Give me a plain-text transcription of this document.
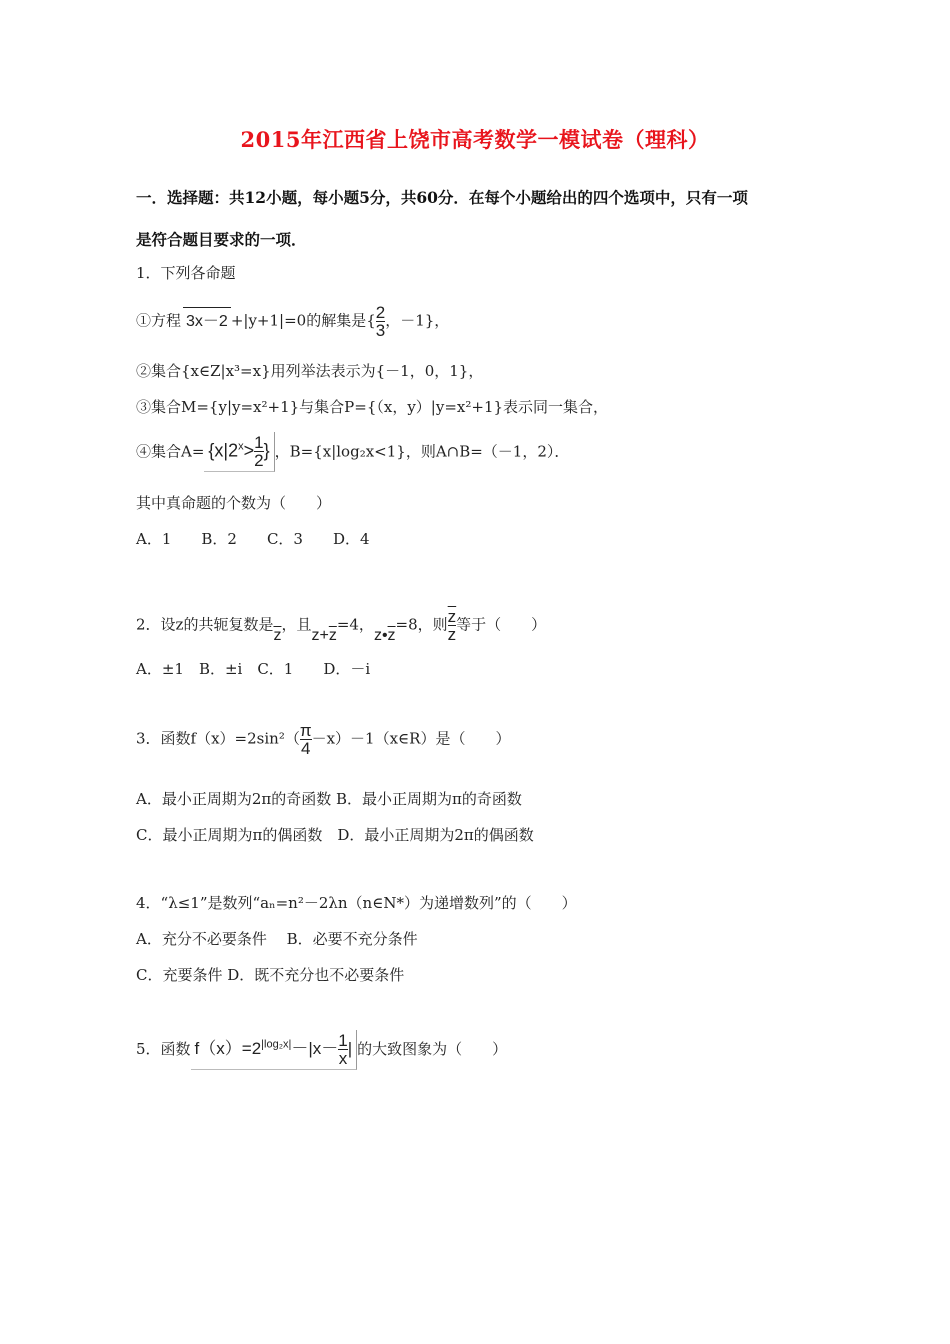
2015年江西省上饶市高考数学一模试卷（理科）
一．选择题：共12小题，每小题5分，共60分．在每个小题给出的四个选项中，只有一项
是符合题目要求的一项．
1．下列各命题
①方程 3x－2 +|y+1|=0的解集是{ $\frac{2}{3}$ ，－1}，
②集合{x∈Z|x³=x}用列举法表示为{－1，0，1}，
③集合M={y|y=x²+1}与集合P={（x，y）|y=x²+1}表示同一集合，
④集合$A= \{x|2^x> \frac{1}{2}$ } ，B={x|log₂x<1}，则A∩B=（－1，2）．
其中真命题的个数为（　　）
A．1　　B．2　　C．3　　D．4
2．设z的共轭复数是$\overline{z}$，且$z+\overline{z}=4$，$z•\overline{z}=8$，则 $\frac{\overline{z}}{z}$ 等于（　　）
A．±1　B．±i　C．1　　D．－i
3．函数$f(x)=2\sin^2( \frac{\pi}{4}$ －x）－1（x∈R）是（　　）
A．最小正周期为2π的奇函数 B．最小正周期为π的奇函数
C．最小正周期为π的偶函数　D．最小正周期为2π的偶函数
4．“λ≤1”是数列“aₙ=n²－2λn（n∈N*）为递增数列”的（　　）
A．充分不必要条件　 B．必要不充分条件
C．充要条件 D．既不充分也不必要条件
5．函数 $f(x)=2^{|log_2x|}-|x- \frac{1}{x}$ | 的大致图象为（　　）
